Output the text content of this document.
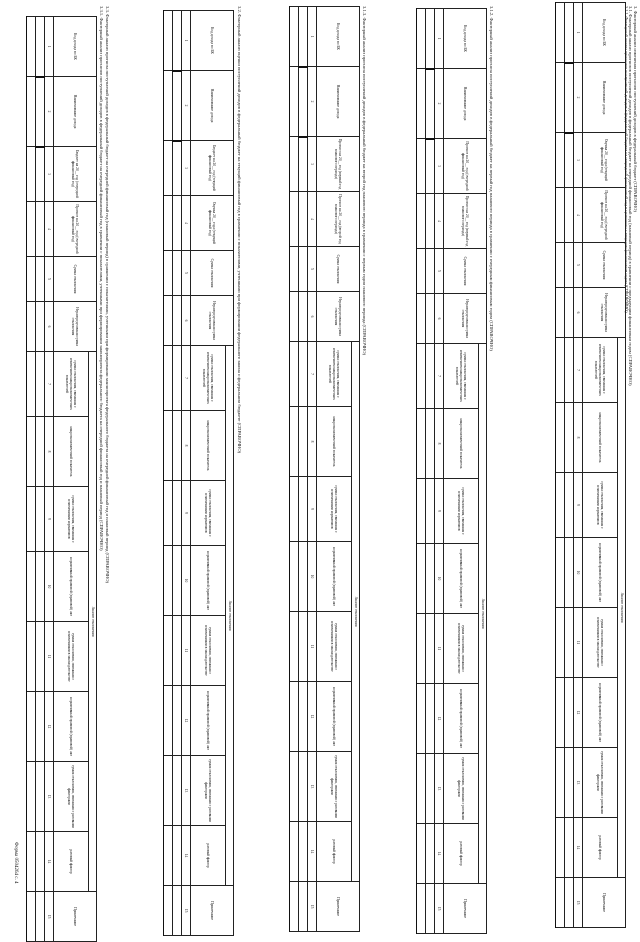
Форма 0504264 с. 4
3. Факторный анализ изменения прогнозов поступлений доходов в федеральный бюджет (СПРАВОЧНО)
3.1. Факторный анализ прогнозов поступлений доходов в федеральный бюджет на очередной финансовый год (плановый период) в сравнении с предыдущим финансовым годом (СПРАВОЧНО)
3.1.1. Факторный анализ прогнозов поступлений доходов в федеральный бюджет на очередной финансовый год в сравнении с текущим финансовым годом (СПРАВОЧНО)
3.1.2. Факторный анализ прогноза поступлений доходов в федеральный бюджет на первый год планового периода в сравнении с очередным финансовым годом (СПРАВОЧНО)
3.1.3. Факторный анализ прогноза поступлений доходов в федеральный бюджет на второй год планового периода в сравнении с первым годом планового периода (СПРАВОЧНО)
3.2. Факторный анализ оценки поступлений доходов в федеральный бюджет на текущий финансовый год в сравнении с показателями, учтенными при формировании федерального закона о федеральном бюджете (СПРАВОЧНО)
3.3. Факторный анализ прогноза поступлений доходов в федеральный бюджет на очередной финансовый год (плановый период) в сравнении с показателями, учтенными при формировании законопроекта федерального бюджета на очередной финансовый год и плановый период (СПРАВОЧНО)
3.3.1. Факторный анализ прогнозов поступлений доходов в федеральный бюджет на очередной финансовый год в сравнении с показателями, учтенными при формировании законопроекта федерального бюджета на очередной финансовый год и плановый период (СПРАВОЧНО)	Код дохода по БК	Наименование дохода	Оценка 20__ года (текущий финансовый год)	Прогноз на 20__ год (очередной финансовый год)	Сумма отклонения	Нераспределенная сумма отклонения	Анализ отклонения								Примечание
						сумма отклонения, связанная с изменением макроэкономических показателей	макроэкономический показатель	сумма отклонения, связанная с изменениями нормативов	нормативный правовой (правовой) акт	сумма отклонения, связанная с изменениями в законодательстве	нормативный правовой (правовой) акт	сумма отклонения, связанная с разовыми факторами	разовый фактор	
1	2	3	4	5	6	7	8	9	10	11	12	13	14	15

Код дохода по БК	Наименование дохода	Прогноз на 20__ год (очередной финансовый год)	Прогноз на 20__ год (первый год планового периода)	Сумма отклонения	Нераспределенная сумма отклонения	Анализ отклонения								Примечание
						сумма отклонения, связанная с изменением макроэкономических показателей	макроэкономический показатель	сумма отклонения, связанная с изменениями нормативов	нормативный правовой (правовой) акт	сумма отклонения, связанная с изменениями в законодательстве	нормативный правовой (правовой) акт	сумма отклонения, связанная с разовыми факторами	разовый фактор	
1	2	3	4	5	6	7	8	9	10	11	12	13	14	15

Код дохода по БК	Наименование дохода	Прогноз на 20__ год (первый год планового периода)	Прогноз на 20__ год (второй год планового периода)	Сумма отклонения	Нераспределенная сумма отклонения	Анализ отклонения								Примечание
						сумма отклонения, связанная с изменением макроэкономических показателей	макроэкономический показатель	сумма отклонения, связанная с изменениями нормативов	нормативный правовой (правовой) акт	сумма отклонения, связанная с изменениями в законодательстве	нормативный правовой (правовой) акт	сумма отклонения, связанная с разовыми факторами	разовый фактор	
1	2	3	4	5	6	7	8	9	10	11	12	13	14	15

Код дохода по БК	Наименование дохода	Бюджет на 20__ год (текущий финансовый год)	Оценка 20__ года (текущий финансовый год)	Сумма отклонения	Нераспределенная сумма отклонения	Анализ отклонения								Примечание
						сумма отклонения, связанная с изменением макроэкономических показателей	макроэкономический показатель	сумма отклонения, связанная с изменениями нормативов	нормативный правовой (правовой) акт	сумма отклонения, связанная с изменениями в законодательстве	нормативный правовой (правовой) акт	сумма отклонения, связанная с разовыми факторами	разовый фактор	
1	2	3	4	5	6	7	8	9	10	11	12	13	14	15

Код дохода по БК	Наименование дохода	Бюджет на 20__ год (очередной финансовый год)	Прогноз на 20__ год (очередной финансовый год)	Сумма отклонения	Нераспределенная сумма отклонения	Анализ отклонения								Примечание
						сумма отклонения, связанная с изменением макроэкономических показателей	макроэкономический показатель	сумма отклонения, связанная с изменениями нормативов	нормативный правовой (правовой) акт	сумма отклонения, связанная с изменениями в законодательстве	нормативный правовой (правовой) акт	сумма отклонения, связанная с разовыми факторами	разовый фактор	
1	2	3	4	5	6	7	8	9	10	11	12	13	14	15
